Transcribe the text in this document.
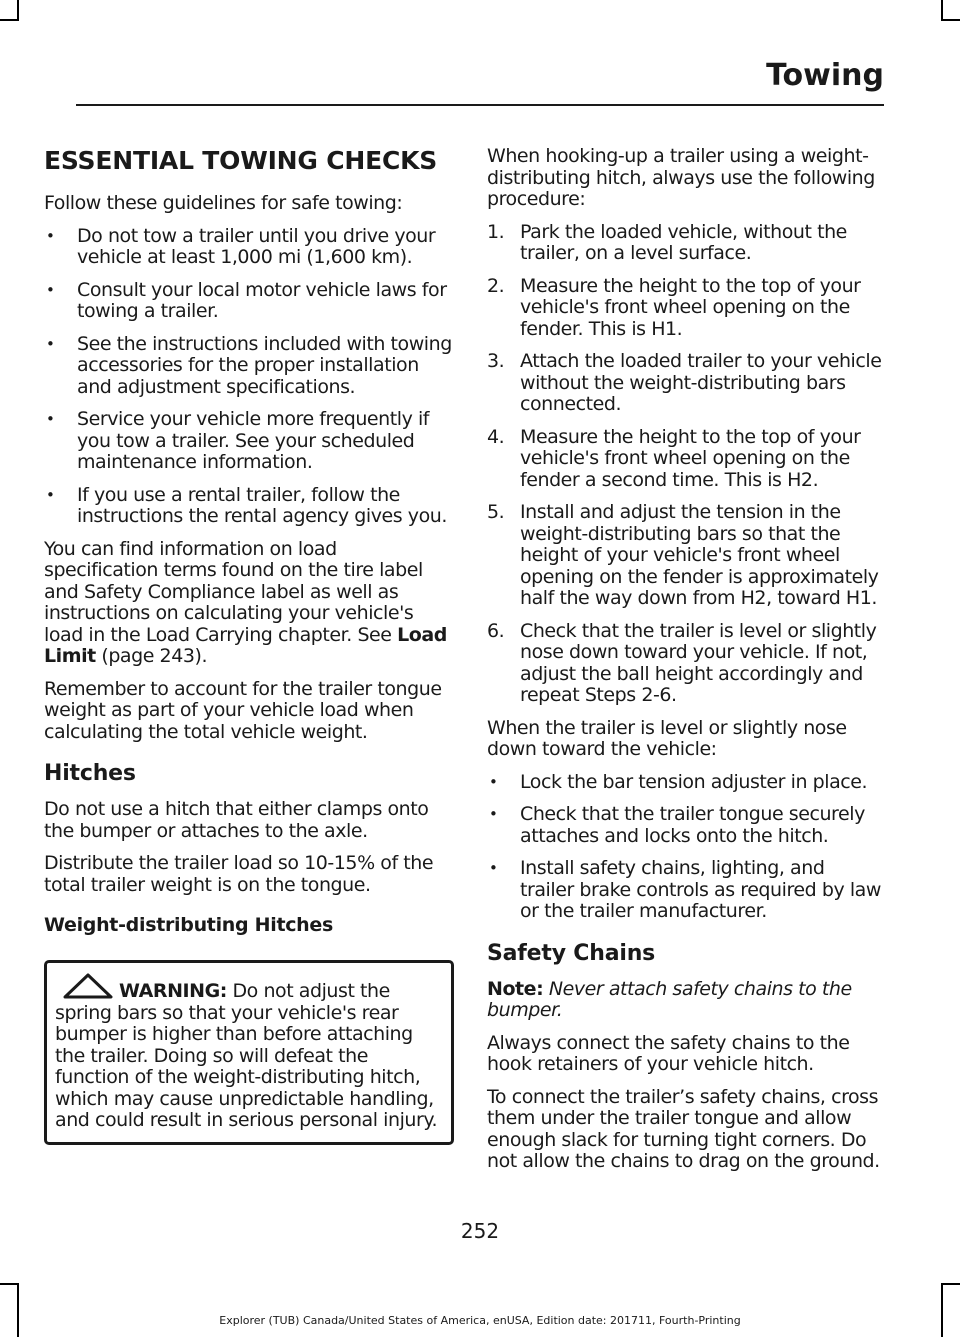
Towing
ESSENTIAL TOWING CHECKS

Follow these guidelines for safe towing:

• Do not tow a trailer until you drive your vehicle at least 1,000 mi (1,600 km).
• Consult your local motor vehicle laws for towing a trailer.
• See the instructions included with towing accessories for the proper installation and adjustment specifications.
• Service your vehicle more frequently if you tow a trailer. See your scheduled maintenance information.
• If you use a rental trailer, follow the instructions the rental agency gives you.

You can find information on load specification terms found on the tire label and Safety Compliance label as well as instructions on calculating your vehicle's load in the Load Carrying chapter. See Load Limit (page 243).

Remember to account for the trailer tongue weight as part of your vehicle load when calculating the total vehicle weight.

Hitches

Do not use a hitch that either clamps onto the bumper or attaches to the axle.

Distribute the trailer load so 10-15% of the total trailer weight is on the tongue.

Weight-distributing Hitches

WARNING: Do not adjust the spring bars so that your vehicle's rear bumper is higher than before attaching the trailer. Doing so will defeat the function of the weight-distributing hitch, which may cause unpredictable handling, and could result in serious personal injury.

When hooking-up a trailer using a weight-distributing hitch, always use the following procedure:

1. Park the loaded vehicle, without the trailer, on a level surface.
2. Measure the height to the top of your vehicle's front wheel opening on the fender. This is H1.
3. Attach the loaded trailer to your vehicle without the weight-distributing bars connected.
4. Measure the height to the top of your vehicle's front wheel opening on the fender a second time. This is H2.
5. Install and adjust the tension in the weight-distributing bars so that the height of your vehicle's front wheel opening on the fender is approximately half the way down from H2, toward H1.
6. Check that the trailer is level or slightly nose down toward your vehicle. If not, adjust the ball height accordingly and repeat Steps 2-6.

When the trailer is level or slightly nose down toward the vehicle:

• Lock the bar tension adjuster in place.
• Check that the trailer tongue securely attaches and locks onto the hitch.
• Install safety chains, lighting, and trailer brake controls as required by law or the trailer manufacturer.
Safety Chains

Note: Never attach safety chains to the bumper.

Always connect the safety chains to the hook retainers of your vehicle hitch.

To connect the trailer’s safety chains, cross them under the trailer tongue and allow enough slack for turning tight corners. Do not allow the chains to drag on the ground.

252
Explorer (TUB) Canada/United States of America, enUSA, Edition date: 201711, Fourth-Printing
